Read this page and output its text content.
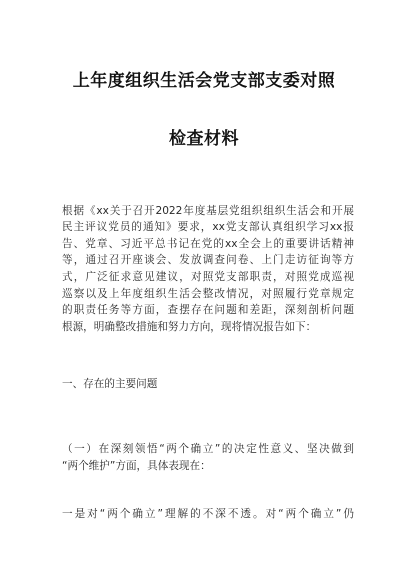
上年度组织生活会党支部支委对照
检查材料
根据《xx关于召开2022年度基层党组织组织生活会和开展
民主评议党员的通知》要求，xx党支部认真组织学习xx报
告、党章、习近平总书记在党的xx全会上的重要讲话精神
等，通过召开座谈会、发放调查问卷、上门走访征询等方
式，广泛征求意见建议，对照党支部职责，对照党成巡视
巡察以及上年度组织生活会整改情况，对照履行党章规定
的职责任务等方面，查摆存在问题和差距，深刻剖析问题
根源，明确整改措施和努力方向，现将情况报告如下：
一、存在的主要问题
（一）在深刻领悟“两个确立”的决定性意义、坚决做到
“两个维护”方面，具体表现在：
一是对“两个确立”理解的不深不透。对“两个确立”仍
